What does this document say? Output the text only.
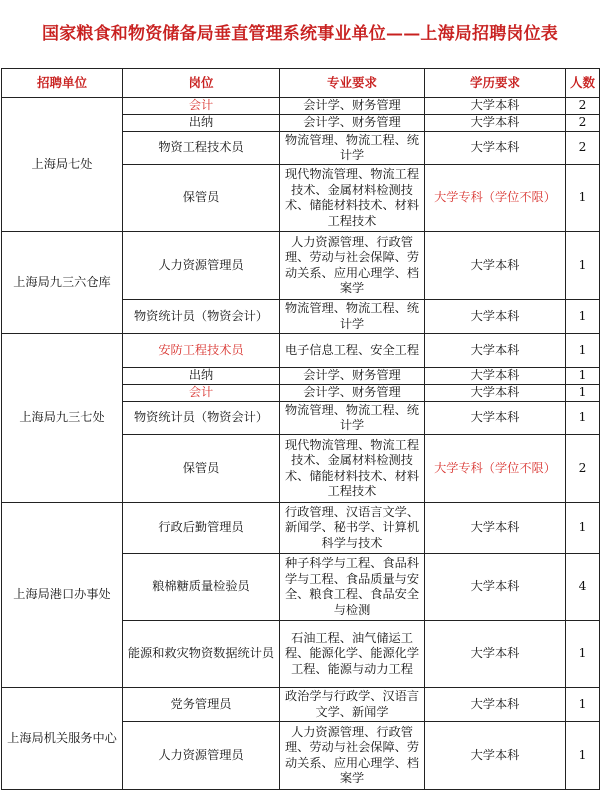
国家粮食和物资储备局垂直管理系统事业单位——上海局招聘岗位表
招聘单位	岗位	专业要求	学历要求	人数
上海局七处	会计	会计学、财务管理	大学本科	2
	出纳	会计学、财务管理	大学本科	2
	物资工程技术员	物流管理、物流工程、统计学	大学本科	2
	保管员	现代物流管理、物流工程技术、金属材料检测技术、储能材料技术、材料工程技术	大学专科（学位不限）	1
上海局九三六仓库	人力资源管理员	人力资源管理、行政管理、劳动与社会保障、劳动关系、应用心理学、档案学	大学本科	1
	物资统计员（物资会计）	物流管理、物流工程、统计学	大学本科	1
上海局九三七处	安防工程技术员	电子信息工程、安全工程	大学本科	1
	出纳	会计学、财务管理	大学本科	1
	会计	会计学、财务管理	大学本科	1
	物资统计员（物资会计）	物流管理、物流工程、统计学	大学本科	1
	保管员	现代物流管理、物流工程技术、金属材料检测技术、储能材料技术、材料工程技术	大学专科（学位不限）	2
上海局港口办事处	行政后勤管理员	行政管理、汉语言文学、新闻学、秘书学、计算机科学与技术	大学本科	1
	粮棉糖质量检验员	种子科学与工程、食品科学与工程、食品质量与安全、粮食工程、食品安全与检测	大学本科	4
	能源和救灾物资数据统计员	石油工程、油气储运工程、能源化学、能源化学工程、能源与动力工程	大学本科	1
上海局机关服务中心	党务管理员	政治学与行政学、汉语言文学、新闻学	大学本科	1
	人力资源管理员	人力资源管理、行政管理、劳动与社会保障、劳动关系、应用心理学、档案学	大学本科	1
